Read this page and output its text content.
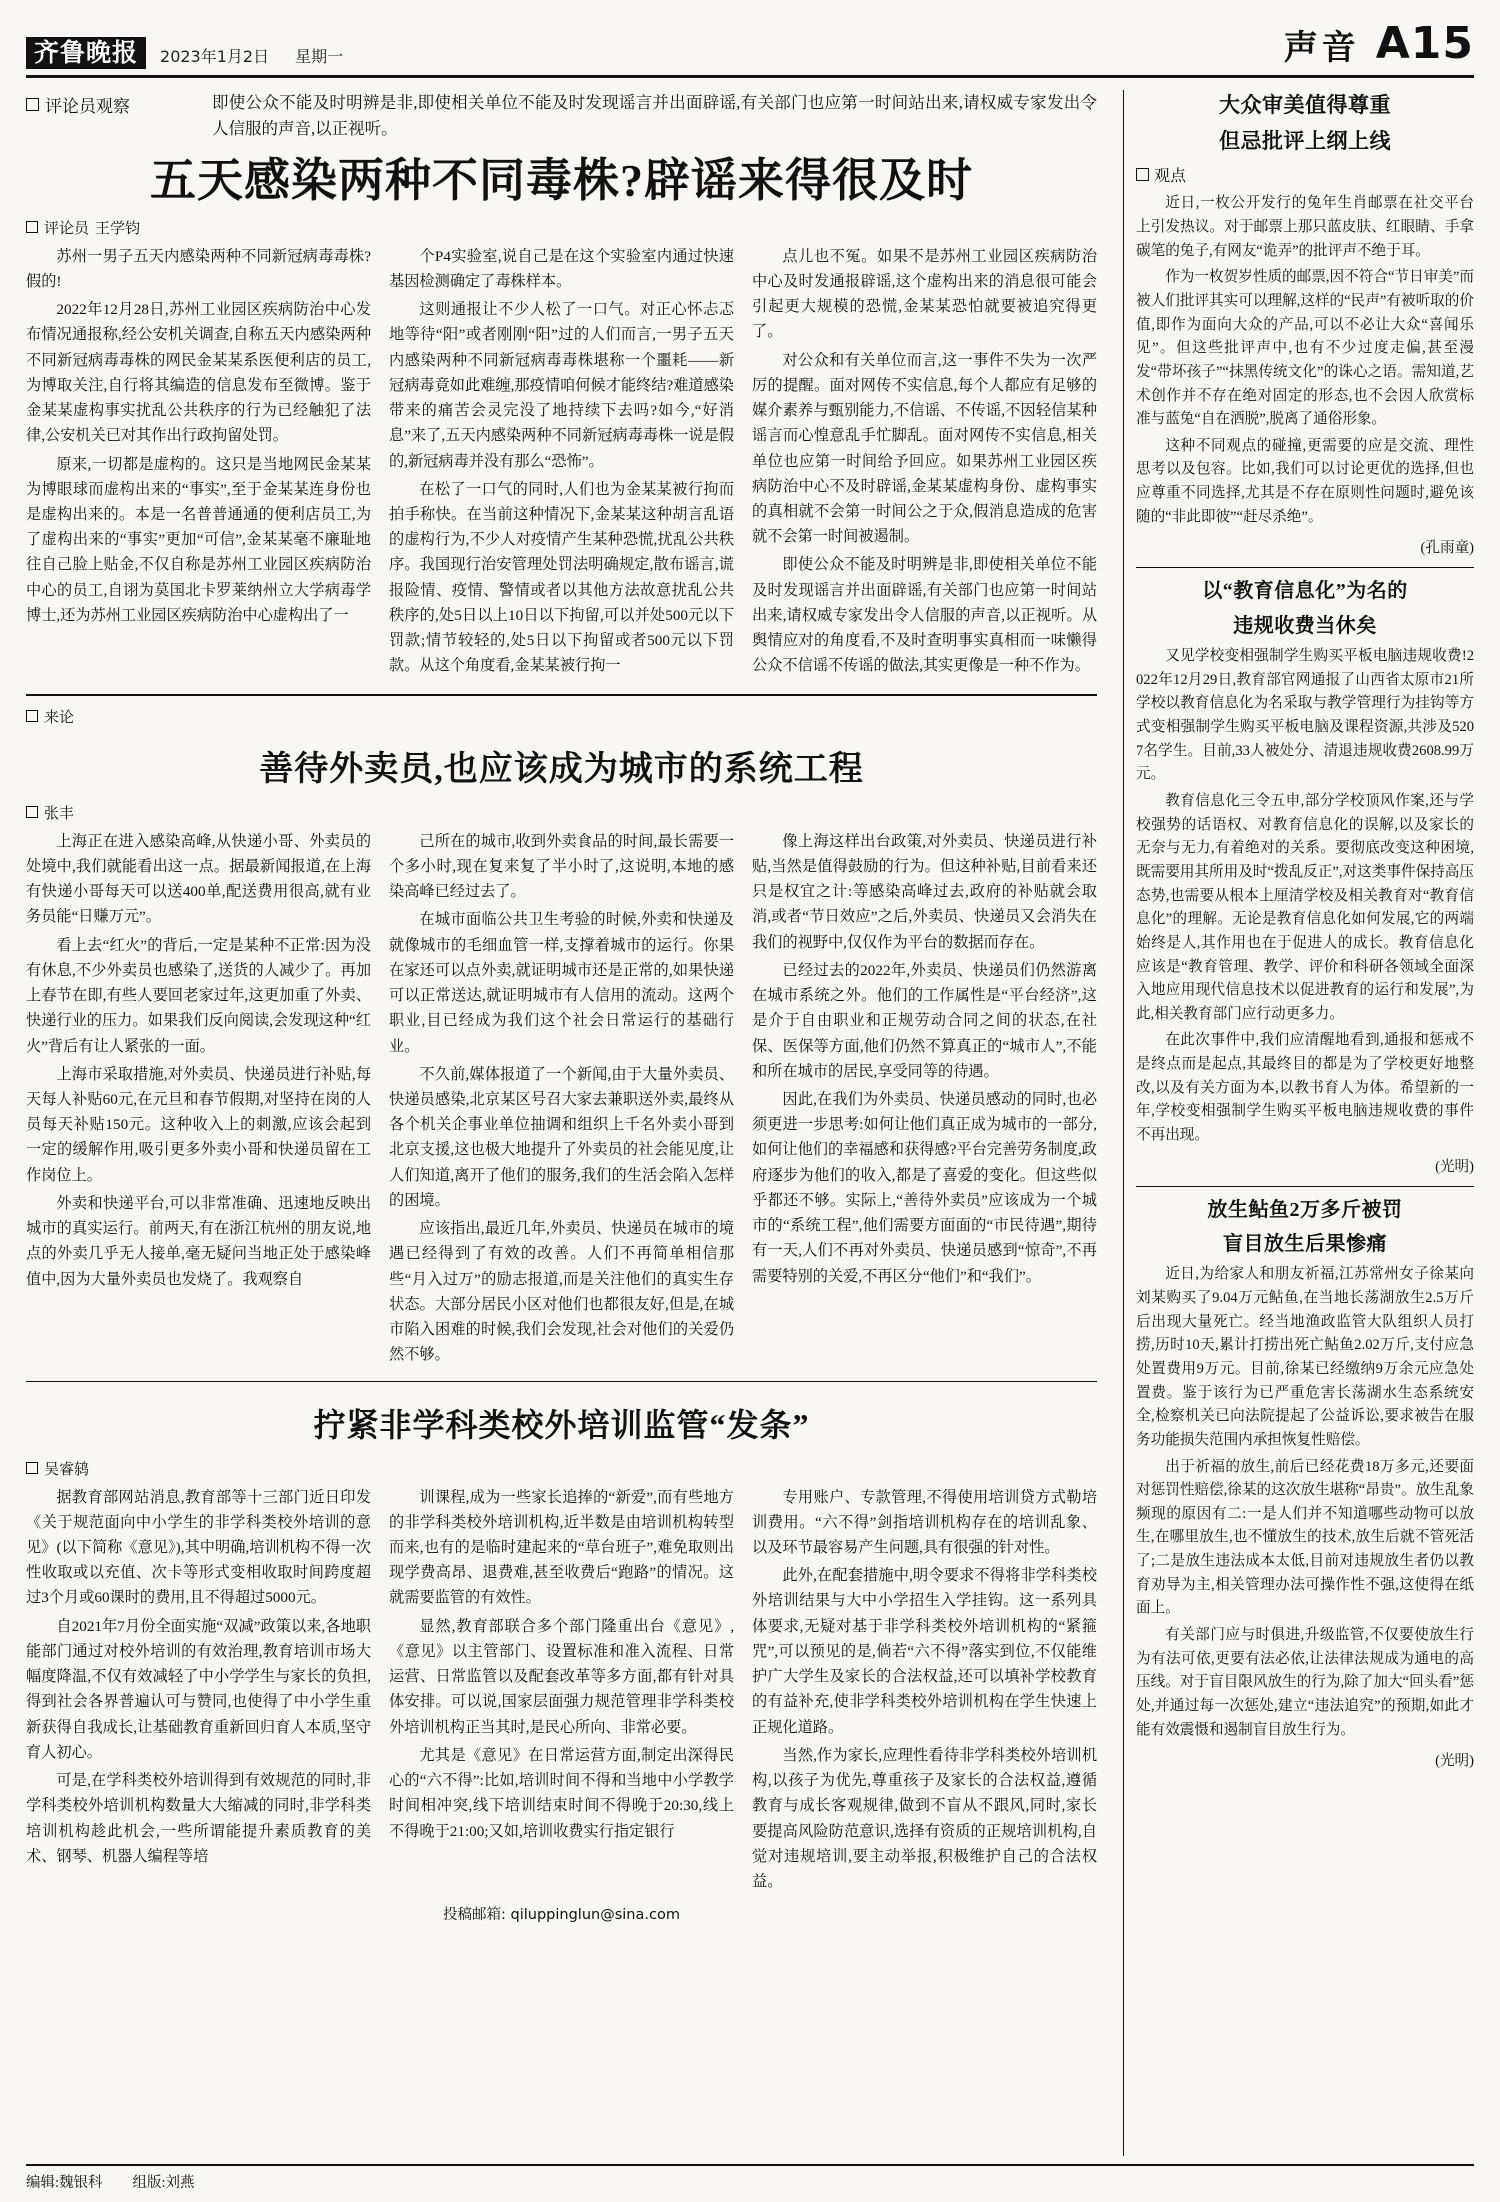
齐鲁晚报	2023年1月2日 星期一	声音 A15
评论员观察	即使公众不能及时明辨是非,即使相关单位不能及时发现谣言并出面辟谣,有关部门也应第一时间站出来,请权威专家发出令人信服的声音,以正视听。
五天感染两种不同毒株?辟谣来得很及时
评论员 王学钧

苏州一男子五天内感染两种不同新冠病毒毒株?假的!

2022年12月28日,苏州工业园区疾病防治中心发布情况通报称,经公安机关调查,自称五天内感染两种不同新冠病毒毒株的网民金某某系医便利店的员工,为博取关注,自行将其编造的信息发布至微博。鉴于金某某虚构事实扰乱公共秩序的行为已经触犯了法律,公安机关已对其作出行政拘留处罚。

原来,一切都是虚构的。这只是当地网民金某某为博眼球而虚构出来的“事实”,至于金某某连身份也是虚构出来的。本是一名普普通通的便利店员工,为了虚构出来的“事实”更加“可信”,金某某毫不廉耻地往自己脸上贴金,不仅自称是苏州工业园区疾病防治中心的员工,自诩为莫国北卡罗莱纳州立大学病毒学博士,还为苏州工业园区疾病防治中心虚构出了一

个P4实验室,说自己是在这个实验室内通过快速基因检测确定了毒株样本。

这则通报让不少人松了一口气。对正心怀忐忑地等待“阳”或者刚刚“阳”过的人们而言,一男子五天内感染两种不同新冠病毒毒株堪称一个噩耗——新冠病毒竟如此难缠,那疫情咱何候才能终结?难道感染带来的痛苦会灵完没了地持续下去吗?如今,“好消息”来了,五天内感染两种不同新冠病毒毒株一说是假的,新冠病毒并没有那么“恐怖”。

在松了一口气的同时,人们也为金某某被行拘而拍手称快。在当前这种情况下,金某某这种胡言乱语的虚构行为,不少人对疫情产生某种恐慌,扰乱公共秩序。我国现行治安管理处罚法明确规定,散布谣言,谎报险情、疫情、警情或者以其他方法故意扰乱公共秩序的,处5日以上10日以下拘留,可以并处500元以下罚款;情节较轻的,处5日以下拘留或者500元以下罚款。从这个角度看,金某某被行拘一

点儿也不冤。如果不是苏州工业园区疾病防治中心及时发通报辟谣,这个虚构出来的消息很可能会引起更大规模的恐慌,金某某恐怕就要被追究得更了。

对公众和有关单位而言,这一事件不失为一次严厉的提醒。面对网传不实信息,每个人都应有足够的媒介素养与甄别能力,不信谣、不传谣,不因轻信某种谣言而心惶意乱手忙脚乱。面对网传不实信息,相关单位也应第一时间给予回应。如果苏州工业园区疾病防治中心不及时辟谣,金某某虚构身份、虚构事实的真相就不会第一时间公之于众,假消息造成的危害就不会第一时间被遏制。

即使公众不能及时明辨是非,即使相关单位不能及时发现谣言并出面辟谣,有关部门也应第一时间站出来,请权威专家发出令人信服的声音,以正视听。从舆情应对的角度看,不及时查明事实真相而一味懒得公众不信谣不传谣的做法,其实更像是一种不作为。

来论
善待外卖员,也应该成为城市的系统工程
张丰

上海正在进入感染高峰,从快递小哥、外卖员的处境中,我们就能看出这一点。据最新闻报道,在上海有快递小哥每天可以送400单,配送费用很高,就有业务员能“日赚万元”。

看上去“红火”的背后,一定是某种不正常:因为没有休息,不少外卖员也感染了,送货的人减少了。再加上春节在即,有些人要回老家过年,这更加重了外卖、快递行业的压力。如果我们反向阅读,会发现这种“红火”背后有让人紧张的一面。

上海市采取措施,对外卖员、快递员进行补贴,每天每人补贴60元,在元旦和春节假期,对坚持在岗的人员每天补贴150元。这种收入上的刺激,应该会起到一定的缓解作用,吸引更多外卖小哥和快递员留在工作岗位上。

外卖和快递平台,可以非常准确、迅速地反映出城市的真实运行。前两天,有在浙江杭州的朋友说,地点的外卖几乎无人接单,毫无疑问当地正处于感染峰值中,因为大量外卖员也发烧了。我观察自

己所在的城市,收到外卖食品的时间,最长需要一个多小时,现在复来复了半小时了,这说明,本地的感染高峰已经过去了。

在城市面临公共卫生考验的时候,外卖和快递及就像城市的毛细血管一样,支撑着城市的运行。你果在家还可以点外卖,就证明城市还是正常的,如果快递可以正常送达,就证明城市有人信用的流动。这两个职业,目已经成为我们这个社会日常运行的基础行业。

不久前,媒体报道了一个新闻,由于大量外卖员、快递员感染,北京某区号召大家去兼职送外卖,最终从各个机关企事业单位抽调和组织上千名外卖小哥到北京支援,这也极大地提升了外卖员的社会能见度,让人们知道,离开了他们的服务,我们的生活会陷入怎样的困境。

应该指出,最近几年,外卖员、快递员在城市的境遇已经得到了有效的改善。人们不再简单相信那些“月入过万”的励志报道,而是关注他们的真实生存状态。大部分居民小区对他们也都很友好,但是,在城市陷入困难的时候,我们会发现,社会对他们的关爱仍然不够。

像上海这样出台政策,对外卖员、快递员进行补贴,当然是值得鼓励的行为。但这种补贴,目前看来还只是权宜之计:等感染高峰过去,政府的补贴就会取消,或者“节日效应”之后,外卖员、快递员又会消失在我们的视野中,仅仅作为平台的数据而存在。

已经过去的2022年,外卖员、快递员们仍然游离在城市系统之外。他们的工作属性是“平台经济”,这是介于自由职业和正规劳动合同之间的状态,在社保、医保等方面,他们仍然不算真正的“城市人”,不能和所在城市的居民,享受同等的待遇。

因此,在我们为外卖员、快递员感动的同时,也必须更进一步思考:如何让他们真正成为城市的一部分,如何让他们的幸福感和获得感?平台完善劳务制度,政府逐步为他们的收入,都是了喜爱的变化。但这些似乎都还不够。实际上,“善待外卖员”应该成为一个城市的“系统工程”,他们需要方面面的“市民待遇”,期待有一天,人们不再对外卖员、快递员感到“惊奇”,不再需要特别的关爱,不再区分“他们”和“我们”。

拧紧非学科类校外培训监管“发条”
吴睿鸫

据教育部网站消息,教育部等十三部门近日印发《关于规范面向中小学生的非学科类校外培训的意见》(以下简称《意见》),其中明确,培训机构不得一次性收取或以充值、次卡等形式变相收取时间跨度超过3个月或60课时的费用,且不得超过5000元。

自2021年7月份全面实施“双减”政策以来,各地职能部门通过对校外培训的有效治理,教育培训市场大幅度降温,不仅有效减轻了中小学学生与家长的负担,得到社会各界普遍认可与赞同,也使得了中小学生重新获得自我成长,让基础教育重新回归育人本质,坚守育人初心。

可是,在学科类校外培训得到有效规范的同时,非学科类校外培训机构数量大大缩减的同时,非学科类培训机构趁此机会,一些所谓能提升素质教育的美术、钢琴、机器人编程等培

训课程,成为一些家长追捧的“新爱”,而有些地方的非学科类校外培训机构,近半数是由培训机构转型而来,也有的是临时建起来的“草台班子”,难免取则出现学费高昂、退费难,甚至收费后“跑路”的情况。这就需要监管的有效性。

显然,教育部联合多个部门隆重出台《意见》,《意见》以主管部门、设置标准和准入流程、日常运营、日常监管以及配套改革等多方面,都有针对具体安排。可以说,国家层面强力规范管理非学科类校外培训机构正当其时,是民心所向、非常必要。

尤其是《意见》在日常运营方面,制定出深得民心的“六不得”:比如,培训时间不得和当地中小学教学时间相冲突,线下培训结束时间不得晚于20:30,线上不得晚于21:00;又如,培训收费实行指定银行

专用账户、专款管理,不得使用培训贷方式勒培训费用。“六不得”剑指培训机构存在的培训乱象、以及环节最容易产生问题,具有很强的针对性。

此外,在配套措施中,明令要求不得将非学科类校外培训结果与大中小学招生入学挂钩。这一系列具体要求,无疑对基于非学科类校外培训机构的“紧箍咒”,可以预见的是,倘若“六不得”落实到位,不仅能维护广大学生及家长的合法权益,还可以填补学校教育的有益补充,使非学科类校外培训机构在学生快速上正规化道路。

当然,作为家长,应理性看待非学科类校外培训机构,以孩子为优先,尊重孩子及家长的合法权益,遵循教育与成长客观规律,做到不盲从不跟风,同时,家长要提高风险防范意识,选择有资质的正规培训机构,自觉对违规培训,要主动举报,积极维护自己的合法权益。

投稿邮箱: qiluppinglun@sina.com
大众审美值得尊重
但忌批评上纲上线
观点

近日,一枚公开发行的兔年生肖邮票在社交平台上引发热议。对于邮票上那只蓝皮肤、红眼睛、手拿碳笔的兔子,有网友“诡弄”的批评声不绝于耳。

作为一枚贺岁性质的邮票,因不符合“节日审美”而被人们批评其实可以理解,这样的“民声”有被听取的价值,即作为面向大众的产品,可以不必让大众“喜闻乐见”。但这些批评声中,也有不少过度走偏,甚至漫发“带坏孩子”“抹黑传统文化”的诛心之语。需知道,艺术创作并不存在绝对固定的形态,也不会因人欣赏标准与蓝兔“自在洒脱”,脱离了通俗形象。

这种不同观点的碰撞,更需要的应是交流、理性思考以及包容。比如,我们可以讨论更优的选择,但也应尊重不同选择,尤其是不存在原则性问题时,避免该随的“非此即彼”“赶尽杀绝”。

(孔雨童)
以“教育信息化”为名的
违规收费当休矣

又见学校变相强制学生购买平板电脑违规收费!2022年12月29日,教育部官网通报了山西省太原市21所学校以教育信息化为名采取与教学管理行为挂钩等方式变相强制学生购买平板电脑及课程资源,共涉及5207名学生。目前,33人被处分、清退违规收费2608.99万元。

教育信息化三令五申,部分学校顶风作案,还与学校强势的话语权、对教育信息化的误解,以及家长的无奈与无力,有着绝对的关系。要彻底改变这种困境,既需要用其所用及时“拨乱反正”,对这类事件保持高压态势,也需要从根本上厘清学校及相关教育对“教育信息化”的理解。无论是教育信息化如何发展,它的两端始终是人,其作用也在于促进人的成长。教育信息化应该是“教育管理、教学、评价和科研各领域全面深入地应用现代信息技术以促进教育的运行和发展”,为此,相关教育部门应行动更多力。

在此次事件中,我们应清醒地看到,通报和惩戒不是终点而是起点,其最终目的都是为了学校更好地整改,以及有关方面为本,以教书育人为体。希望新的一年,学校变相强制学生购买平板电脑违规收费的事件不再出现。

(光明)
放生鲇鱼2万多斤被罚
盲目放生后果惨痛

近日,为给家人和朋友祈福,江苏常州女子徐某向刘某购买了9.04万元鲇鱼,在当地长荡湖放生2.5万斤后出现大量死亡。经当地渔政监管大队组织人员打捞,历时10天,累计打捞出死亡鲇鱼2.02万斤,支付应急处置费用9万元。目前,徐某已经缴纳9万余元应急处置费。鉴于该行为已严重危害长荡湖水生态系统安全,检察机关已向法院提起了公益诉讼,要求被告在服务功能损失范围内承担恢复性赔偿。

出于祈福的放生,前后已经花费18万多元,还要面对惩罚性赔偿,徐某的这次放生堪称“昂贵”。放生乱象频现的原因有二:一是人们并不知道哪些动物可以放生,在哪里放生,也不懂放生的技术,放生后就不管死活了;二是放生违法成本太低,目前对违规放生者仍以教育劝导为主,相关管理办法可操作性不强,这使得在纸面上。

有关部门应与时俱进,升级监管,不仅要使放生行为有法可依,更要有法必依,让法律法规成为通电的高压线。对于盲目限风放生的行为,除了加大“回头看”惩处,并通过每一次惩处,建立“违法追究”的预期,如此才能有效震慑和遏制盲目放生行为。

(光明)
编辑:魏银科 组版:刘燕
